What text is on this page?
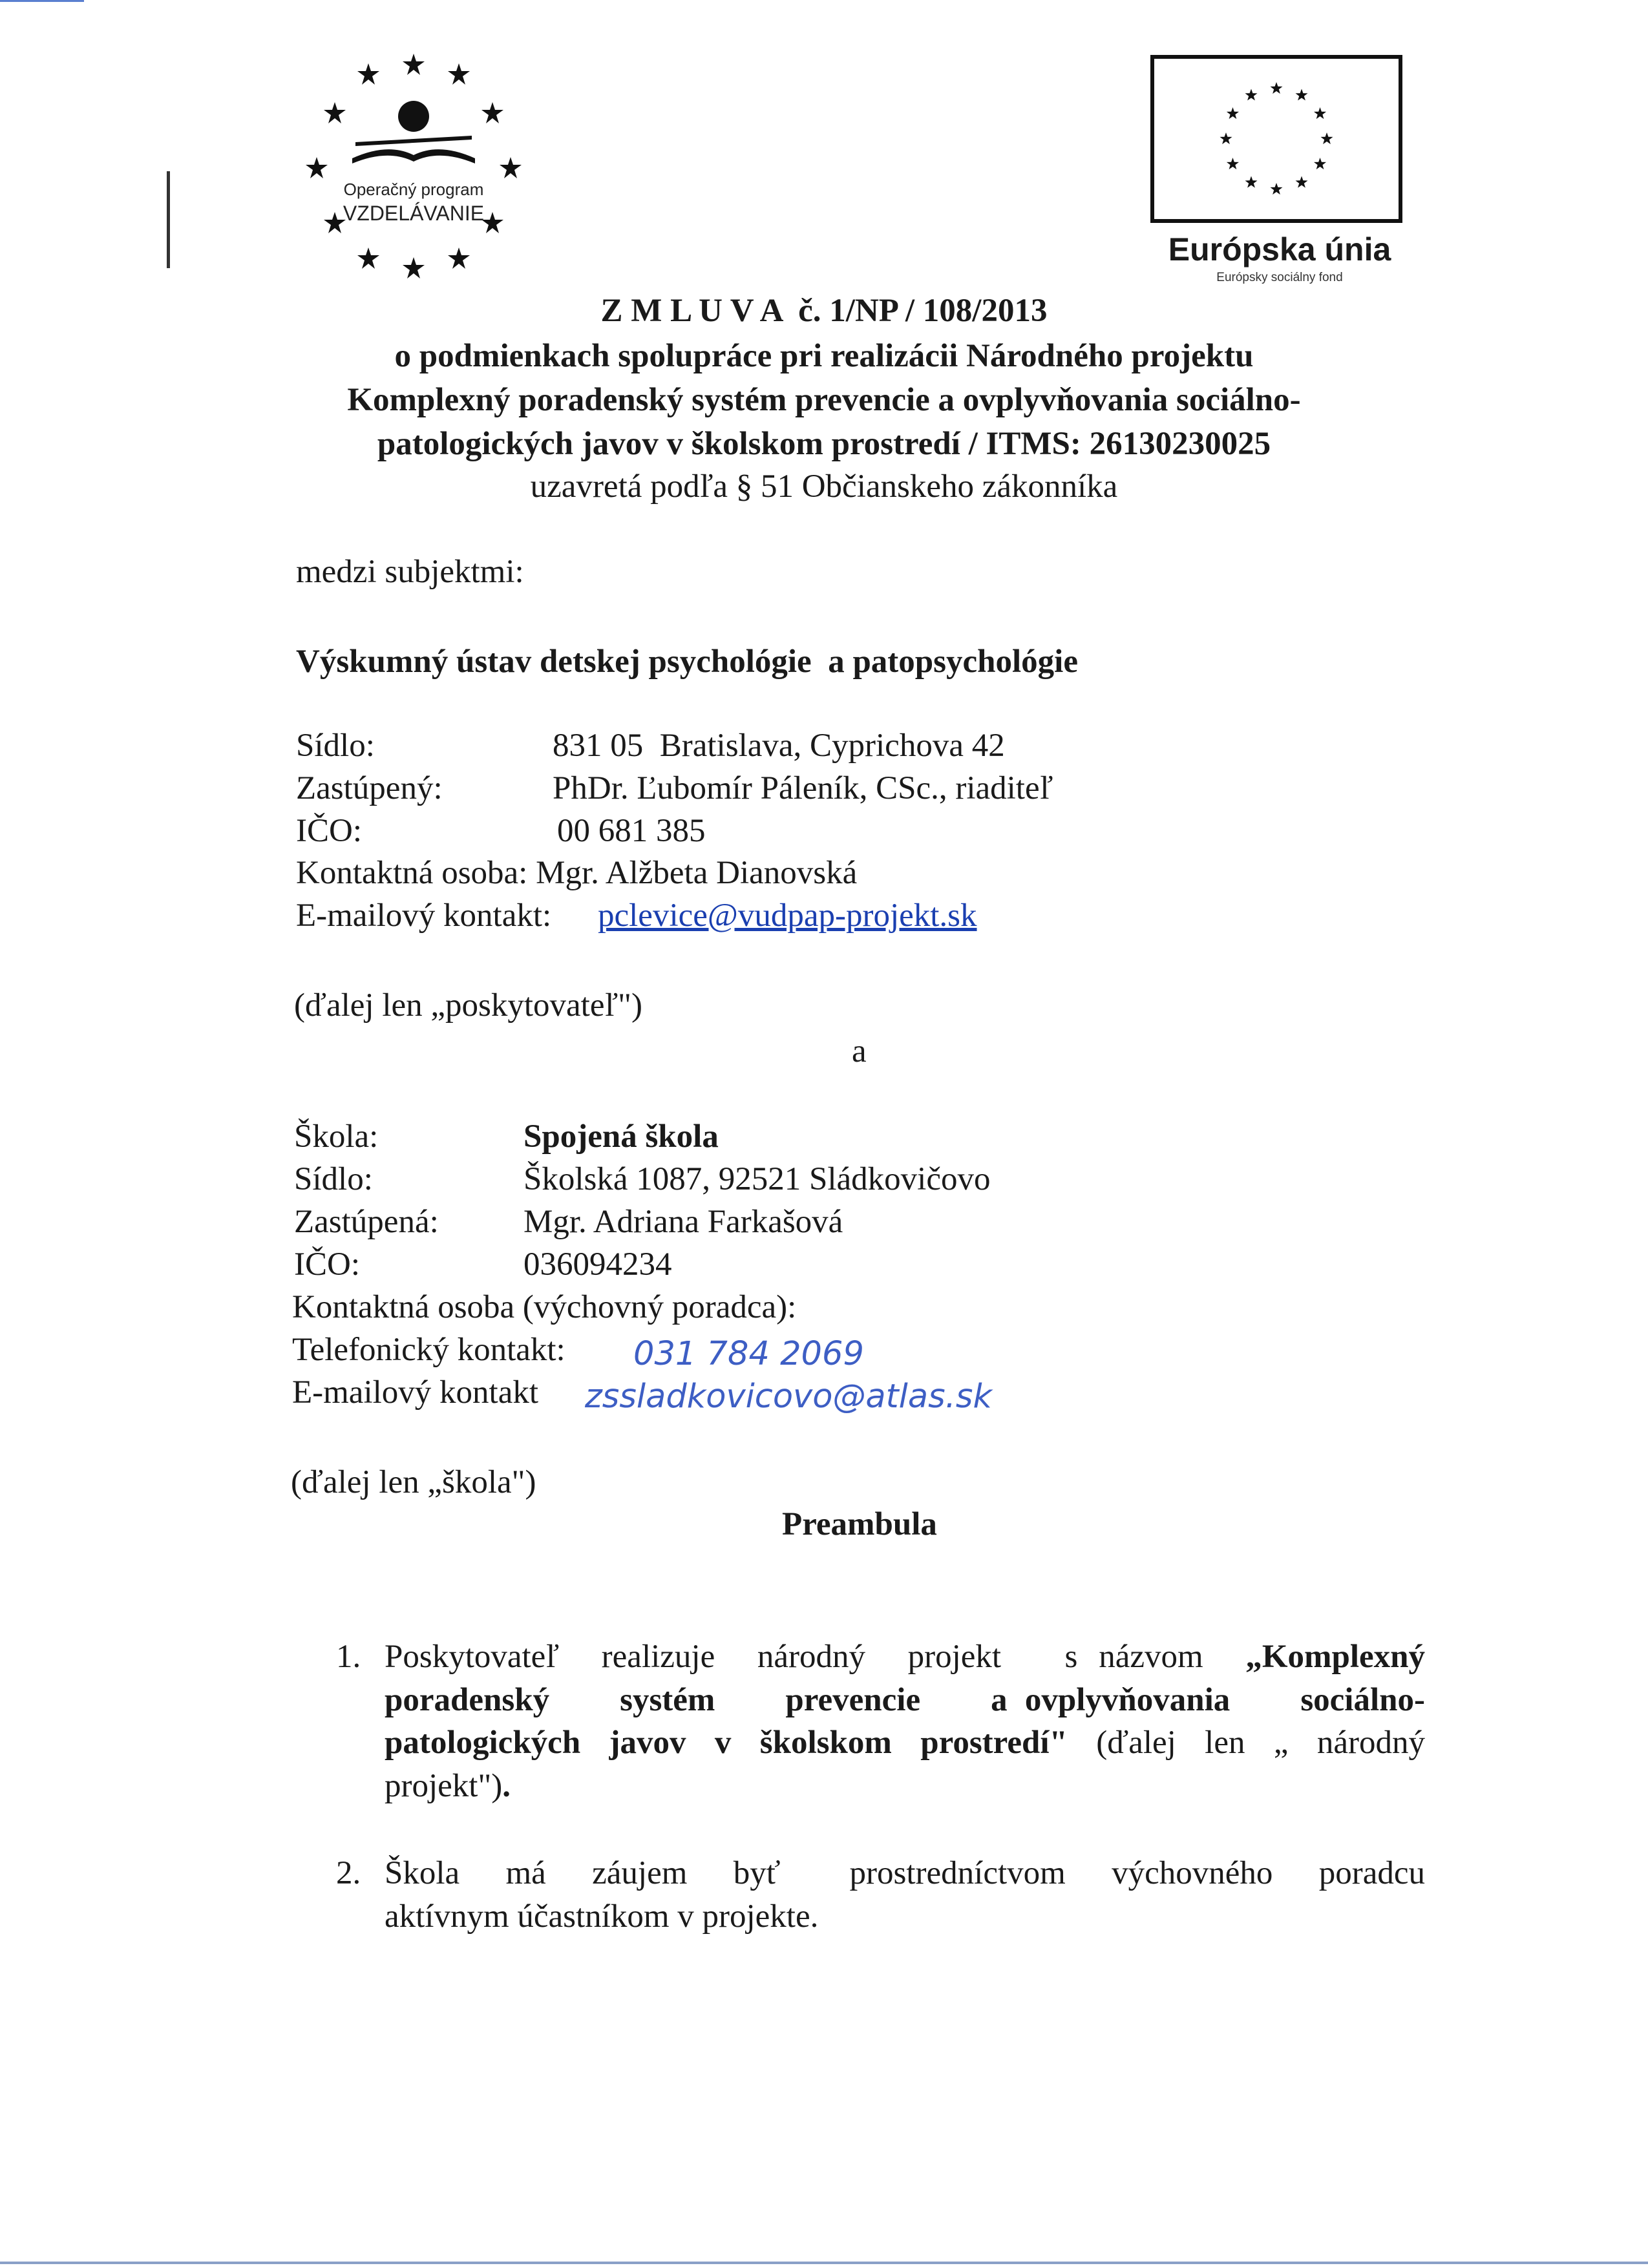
Operačný program
VZDELÁVANIE
Európska únia
Európsky sociálny fond
Z M L U V A  č. 1/NP / 108/2013
o podmienkach spolupráce pri realizácii Národného projektu
Komplexný poradenský systém prevencie a ovplyvňovania sociálno-
patologických javov v školskom prostredí / ITMS: 26130230025
uzavretá podľa § 51 Občianskeho zákonníka
medzi subjektmi:
Výskumný ústav detskej psychológie  a patopsychológie
Sídlo:	831 05  Bratislava, Cyprichova 42
Zastúpený:	PhDr. Ľubomír Páleník, CSc., riaditeľ
IČO:	00 681 385
Kontaktná osoba: Mgr. Alžbeta Dianovská
E-mailový kontakt: pclevice@vudpap-projekt.sk
(ďalej len „poskytovateľ")
a
Škola:	Spojená škola
Sídlo:	Školská 1087, 92521 Sládkovičovo
Zastúpená:	Mgr. Adriana Farkašová
IČO:	036094234
Kontaktná osoba (výchovný poradca):
Telefonický kontakt: 031 784 2069
E-mailový kontakt zssladkovicovo@atlas.sk
(ďalej len „škola")
Preambula
1. Poskytovateľ  realizuje  národný  projekt   s názvom  „Komplexný
poradenský    systém    prevencie    a ovplyvňovania    sociálno-
patologických javov v školskom prostredí" (ďalej len „ národný
projekt").
2. Škola  má  záujem  byť   prostredníctvom  výchovného  poradcu
aktívnym účastníkom v projekte.
